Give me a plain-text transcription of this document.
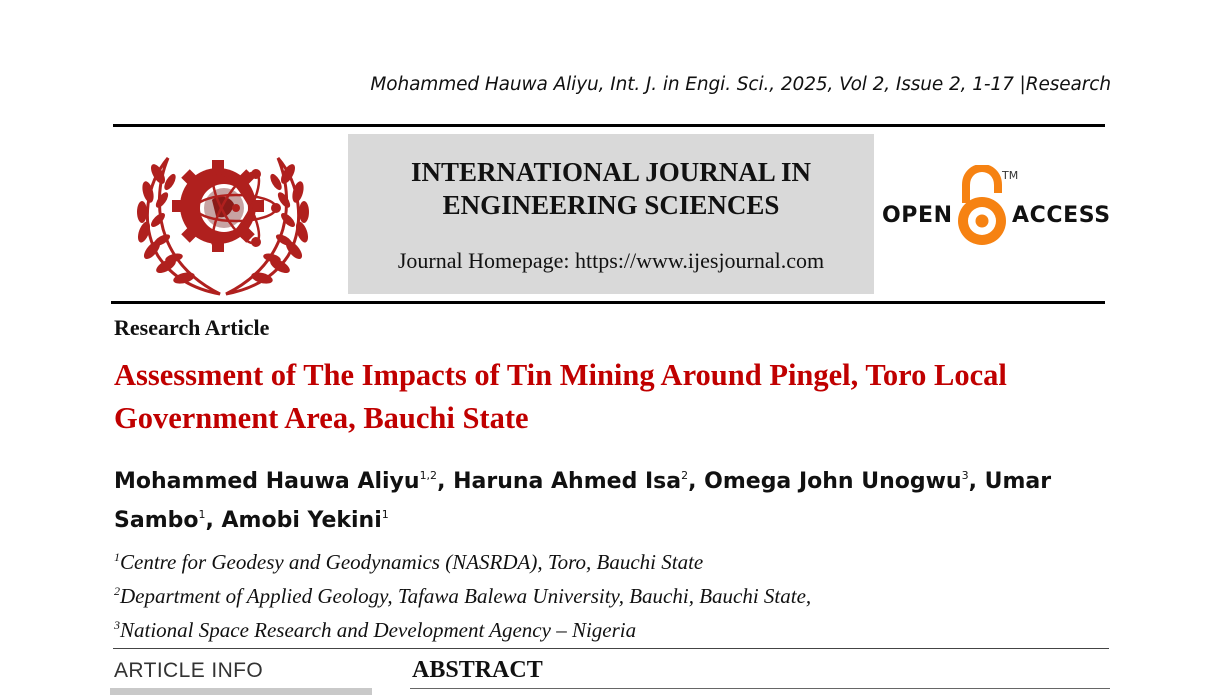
Mohammed Hauwa Aliyu, Int. J. in Engi. Sci., 2025, Vol 2, Issue 2, 1-17 |Research
INTERNATIONAL JOURNAL IN
ENGINEERING SCIENCES
Journal Homepage: https://www.ijesjournal.com
OPEN
TM
ACCESS
Research Article
Assessment of The Impacts of Tin Mining Around Pingel, Toro Local
Government Area, Bauchi State
Mohammed Hauwa Aliyu$^{1,2}$, Haruna Ahmed Isa$^2$, Omega John Unogwu$^3$, Umar Sambo$^1$, Amobi Yekini$^1$
$^1$Centre for Geodesy and Geodynamics (NASRDA), Toro, Bauchi State
$^2$Department of Applied Geology, Tafawa Balewa University, Bauchi, Bauchi State,
$^3$National Space Research and Development Agency – Nigeria
ARTICLE INFO	ABSTRACT
